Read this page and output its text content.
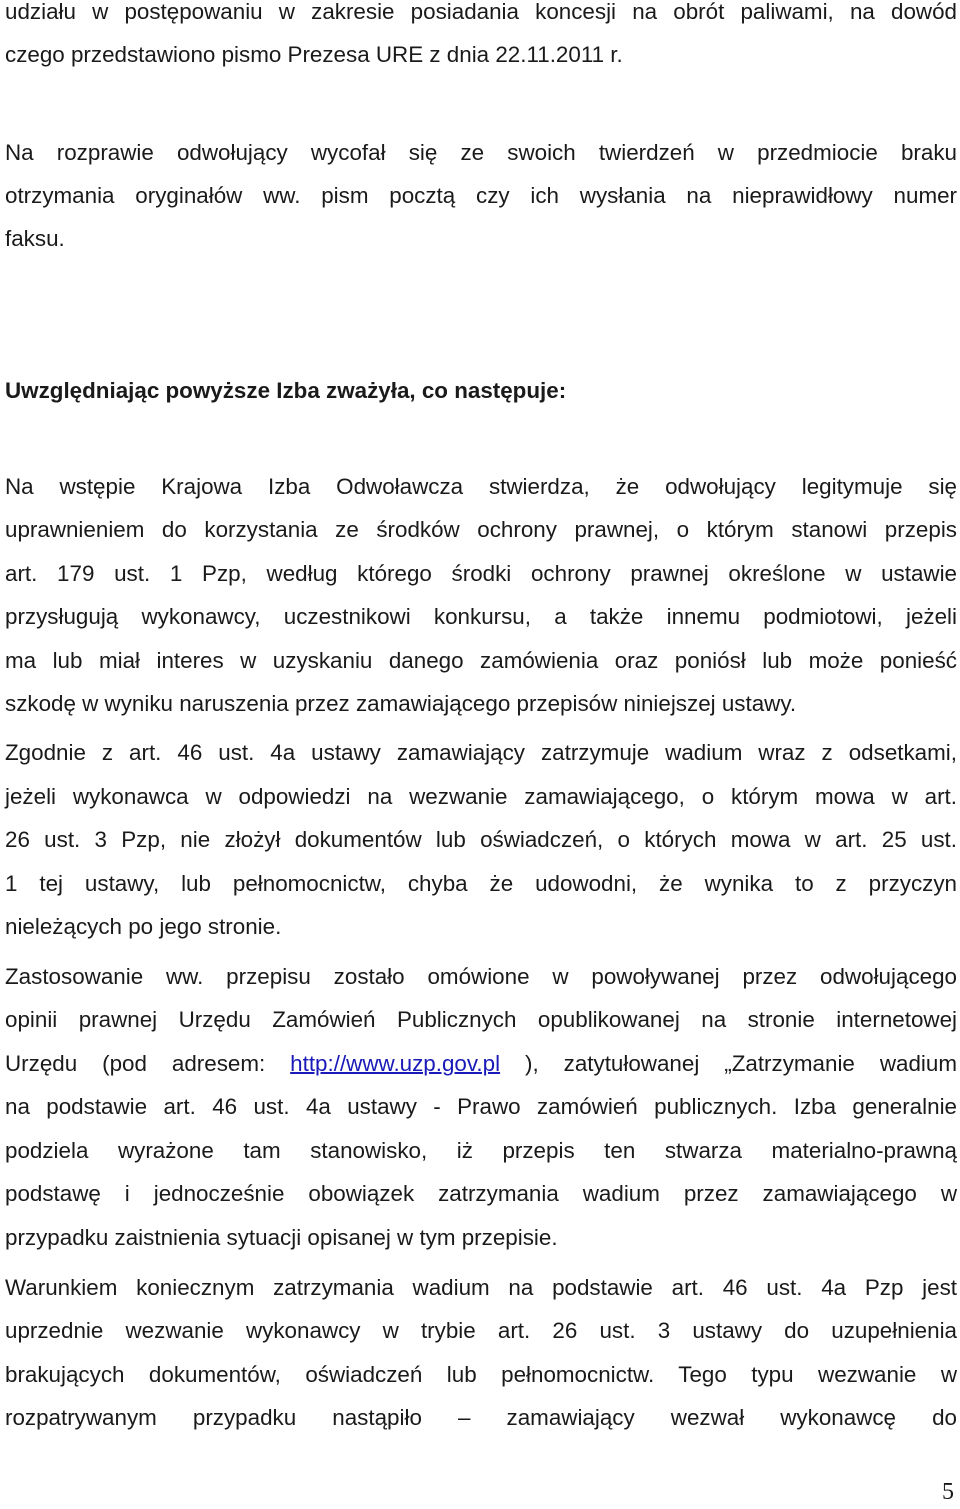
udziału w postępowaniu w zakresie posiadania koncesji na obrót paliwami, na dowód
czego przedstawiono pismo Prezesa URE z dnia 22.11.2011 r.
Na rozprawie odwołujący wycofał się ze swoich twierdzeń w przedmiocie braku
otrzymania oryginałów ww. pism pocztą czy ich wysłania na nieprawidłowy numer
faksu.
Uwzględniając powyższe Izba zważyła, co następuje:
Na wstępie Krajowa Izba Odwoławcza stwierdza, że odwołujący legitymuje się
uprawnieniem do korzystania ze środków ochrony prawnej, o którym stanowi przepis
art. 179 ust. 1 Pzp, według którego środki ochrony prawnej określone w ustawie
przysługują wykonawcy, uczestnikowi konkursu, a także innemu podmiotowi, jeżeli
ma lub miał interes w uzyskaniu danego zamówienia oraz poniósł lub może ponieść
szkodę w wyniku naruszenia przez zamawiającego przepisów niniejszej ustawy.
Zgodnie z art. 46 ust. 4a ustawy zamawiający zatrzymuje wadium wraz z odsetkami,
jeżeli wykonawca w odpowiedzi na wezwanie zamawiającego, o którym mowa w art.
26 ust. 3 Pzp, nie złożył dokumentów lub oświadczeń, o których mowa w art. 25 ust.
1 tej ustawy, lub pełnomocnictw, chyba że udowodni, że wynika to z przyczyn
nieleżących po jego stronie.
Zastosowanie ww. przepisu zostało omówione w powoływanej przez odwołującego
opinii prawnej Urzędu Zamówień Publicznych opublikowanej na stronie internetowej
Urzędu (pod adresem: http://www.uzp.gov.pl ), zatytułowanej „Zatrzymanie wadium
na podstawie art. 46 ust. 4a ustawy - Prawo zamówień publicznych. Izba generalnie
podziela wyrażone tam stanowisko, iż przepis ten stwarza materialno-prawną
podstawę i jednocześnie obowiązek zatrzymania wadium przez zamawiającego w
przypadku zaistnienia sytuacji opisanej w tym przepisie.
Warunkiem koniecznym zatrzymania wadium na podstawie art. 46 ust. 4a Pzp jest
uprzednie wezwanie wykonawcy w trybie art. 26 ust. 3 ustawy do uzupełnienia
brakujących dokumentów, oświadczeń lub pełnomocnictw. Tego typu wezwanie w
rozpatrywanym przypadku nastąpiło – zamawiający wezwał wykonawcę do
5
